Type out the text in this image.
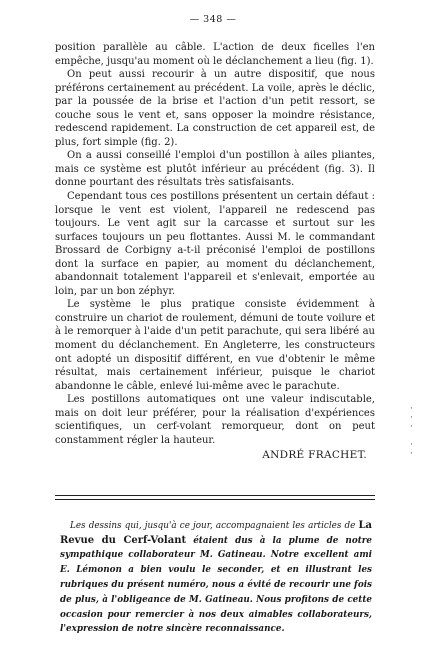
— 348 —

position parallèle au câble. L'action de deux ficelles l'en empêche, jusqu'au moment où le déclanchement a lieu (fig. 1).

On peut aussi recourir à un autre dispositif, que nous préférons certainement au précédent. La voile, après le déclic, par la poussée de la brise et l'action d'un petit ressort, se couche sous le vent et, sans opposer la moindre résistance, redescend rapidement. La construction de cet appareil est, de plus, fort simple (fig. 2).

On a aussi conseillé l'emploi d'un postillon à ailes pliantes, mais ce système est plutôt inférieur au précédent (fig. 3). Il donne pourtant des résultats très satisfaisants.

Cependant tous ces postillons présentent un certain défaut : lorsque le vent est violent, l'appareil ne redescend pas toujours. Le vent agit sur la carcasse et surtout sur les surfaces toujours un peu flottantes. Aussi M. le commandant Brossard de Corbigny a-t-il préconisé l'emploi de postillons dont la surface en papier, au moment du déclanchement, abandonnait totalement l'appareil et s'enlevait, emportée au loin, par un bon zéphyr.

Le système le plus pratique consiste évidemment à construire un chariot de roulement, démuni de toute voilure et à le remorquer à l'aide d'un petit parachute, qui sera libéré au moment du déclanchement. En Angleterre, les constructeurs ont adopté un dispositif différent, en vue d'obtenir le même résultat, mais certainement inférieur, puisque le chariot abandonne le câble, enlevé lui-même avec le parachute.

Les postillons automatiques ont une valeur indiscutable, mais on doit leur préférer, pour la réalisation d'expériences scientifiques, un cerf-volant remorqueur, dont on peut constamment régler la hauteur.

ANDRÉ FRACHET.

Les dessins qui, jusqu'à ce jour, accompagnaient les articles de La Revue du Cerf-Volant étaient dus à la plume de notre sympathique collaborateur M. Gatineau. Notre excellent ami E. Lémonon a bien voulu le seconder, et en illustrant les rubriques du présent numéro, nous a évité de recourir une fois de plus, à l'obligeance de M. Gatineau. Nous profitons de cette occasion pour remercier à nos deux aimables collaborateurs, l'expression de notre sincère reconnaissance.

·
·
·

·
·
